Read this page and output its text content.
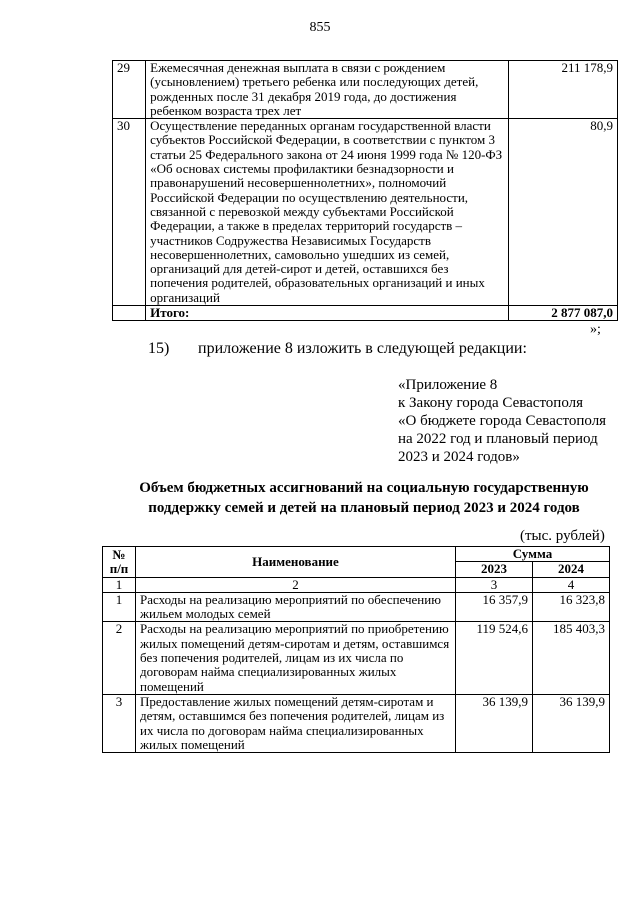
855
29	Ежемесячная денежная выплата в связи с рождением (усыновлением) третьего ребенка или последующих детей, рожденных после 31 декабря 2019 года, до достижения ребенком возраста трех лет	211 178,9
30	Осуществление переданных органам государственной власти субъектов Российской Федерации, в соответствии с пунктом 3 статьи 25 Федерального закона от 24 июня 1999 года № 120-ФЗ «Об основах системы профилактики безнадзорности и правонарушений несовершеннолетних», полномочий Российской Федерации по осуществлению деятельности, связанной с перевозкой между субъектами Российской Федерации, а также в пределах территорий государств – участников Содружества Независимых Государств несовершеннолетних, самовольно ушедших из семей, организаций для детей-сирот и детей, оставшихся без попечения родителей, образовательных организаций и иных организаций	80,9
	Итого:	2 877 087,0
»;
15) приложение 8 изложить в следующей редакции:
«Приложение 8
к Закону города Севастополя
«О бюджете города Севастополя
на 2022 год и плановый период
2023 и 2024 годов»
Объем бюджетных ассигнований на социальную государственную
поддержку семей и детей на плановый период 2023 и 2024 годов
(тыс. рублей)
№ п/п	Наименование	Сумма	
		2023	2024
1	2	3	4
1	Расходы на реализацию мероприятий по обеспечению жильем молодых семей	16 357,9	16 323,8
2	Расходы на реализацию мероприятий по приобретению жилых помещений детям-сиротам и детям, оставшимся без попечения родителей, лицам из их числа по договорам найма специализированных жилых помещений	119 524,6	185 403,3
3	Предоставление жилых помещений детям-сиротам и детям, оставшимся без попечения родителей, лицам из их числа по договорам найма специализированных жилых помещений	36 139,9	36 139,9
